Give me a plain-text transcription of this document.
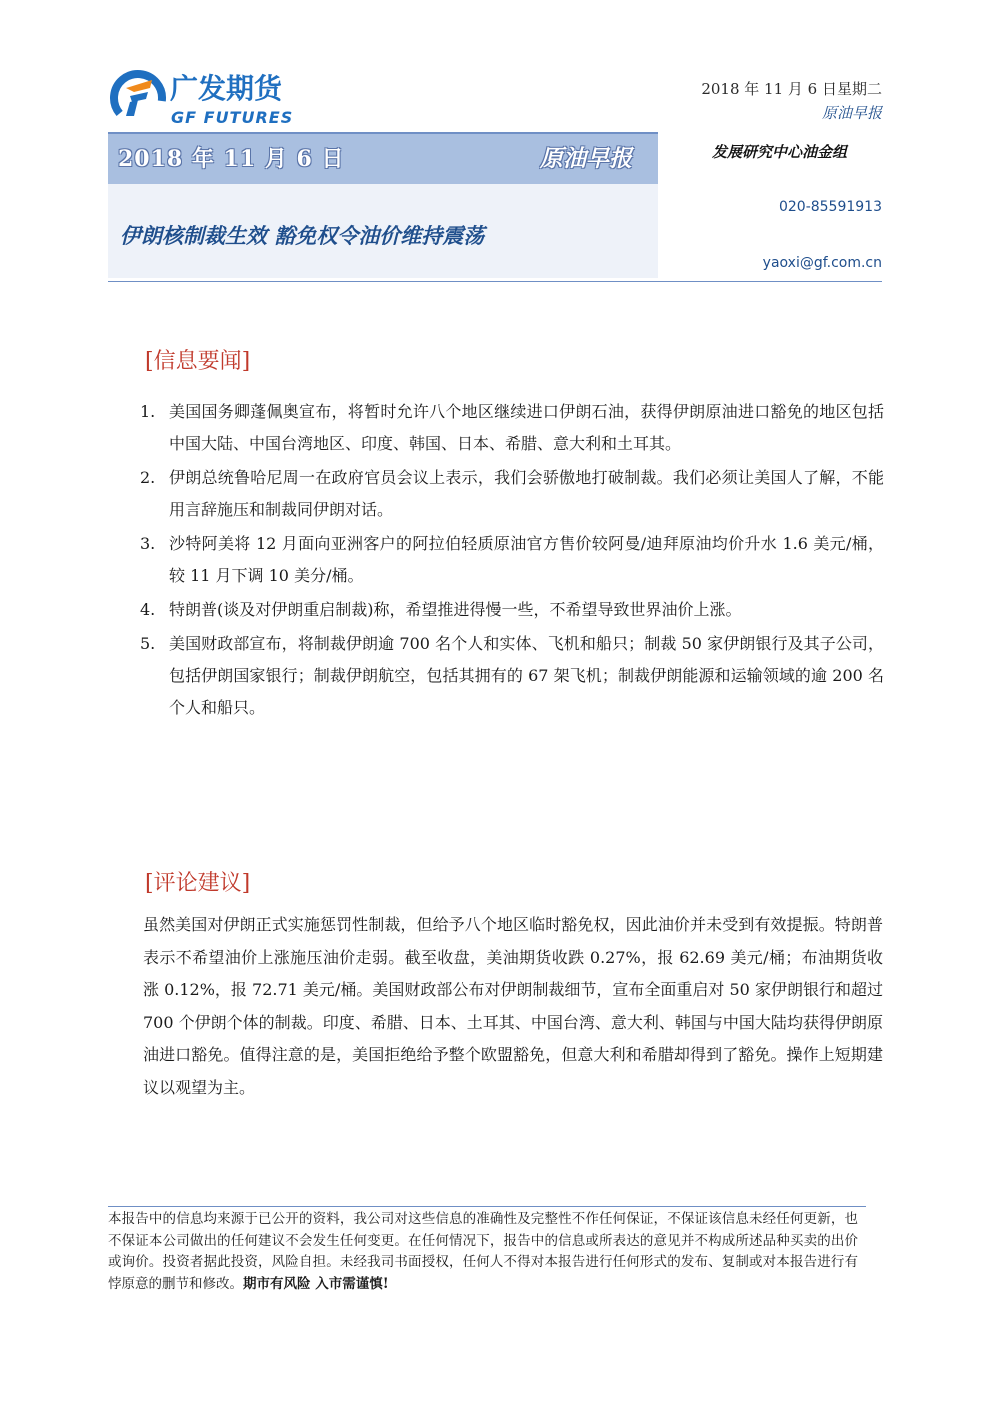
广发期货
GF FUTURES
2018 年 11 月 6 日星期二
原油早报
2018 年 11 月 6 日	原油早报
伊朗核制裁生效 豁免权令油价维持震荡
发展研究中心油金组
020-85591913
yaoxi@gf.com.cn
[信息要闻]
1. 美国国务卿蓬佩奥宣布，将暂时允许八个地区继续进口伊朗石油，获得伊朗原油进口豁免的地区包括中国大陆、中国台湾地区、印度、韩国、日本、希腊、意大利和土耳其。
2. 伊朗总统鲁哈尼周一在政府官员会议上表示，我们会骄傲地打破制裁。我们必须让美国人了解，不能用言辞施压和制裁同伊朗对话。
3. 沙特阿美将 12 月面向亚洲客户的阿拉伯轻质原油官方售价较阿曼/迪拜原油均价升水 1.6 美元/桶，较 11 月下调 10 美分/桶。
4. 特朗普(谈及对伊朗重启制裁)称，希望推进得慢一些，不希望导致世界油价上涨。
5. 美国财政部宣布，将制裁伊朗逾 700 名个人和实体、飞机和船只；制裁 50 家伊朗银行及其子公司，包括伊朗国家银行；制裁伊朗航空，包括其拥有的 67 架飞机；制裁伊朗能源和运输领域的逾 200 名个人和船只。
[评论建议]

虽然美国对伊朗正式实施惩罚性制裁，但给予八个地区临时豁免权，因此油价并未受到有效提振。特朗普表示不希望油价上涨施压油价走弱。截至收盘，美油期货收跌 0.27%，报 62.69 美元/桶；布油期货收涨 0.12%，报 72.71 美元/桶。美国财政部公布对伊朗制裁细节，宣布全面重启对 50 家伊朗银行和超过 700 个伊朗个体的制裁。印度、希腊、日本、土耳其、中国台湾、意大利、韩国与中国大陆均获得伊朗原油进口豁免。值得注意的是，美国拒绝给予整个欧盟豁免，但意大利和希腊却得到了豁免。操作上短期建议以观望为主。

本报告中的信息均来源于已公开的资料，我公司对这些信息的准确性及完整性不作任何保证，不保证该信息未经任何更新，也不保证本公司做出的任何建议不会发生任何变更。在任何情况下，报告中的信息或所表达的意见并不构成所述品种买卖的出价或询价。投资者据此投资，风险自担。未经我司书面授权，任何人不得对本报告进行任何形式的发布、复制或对本报告进行有悖原意的删节和修改。期市有风险 入市需谨慎!
